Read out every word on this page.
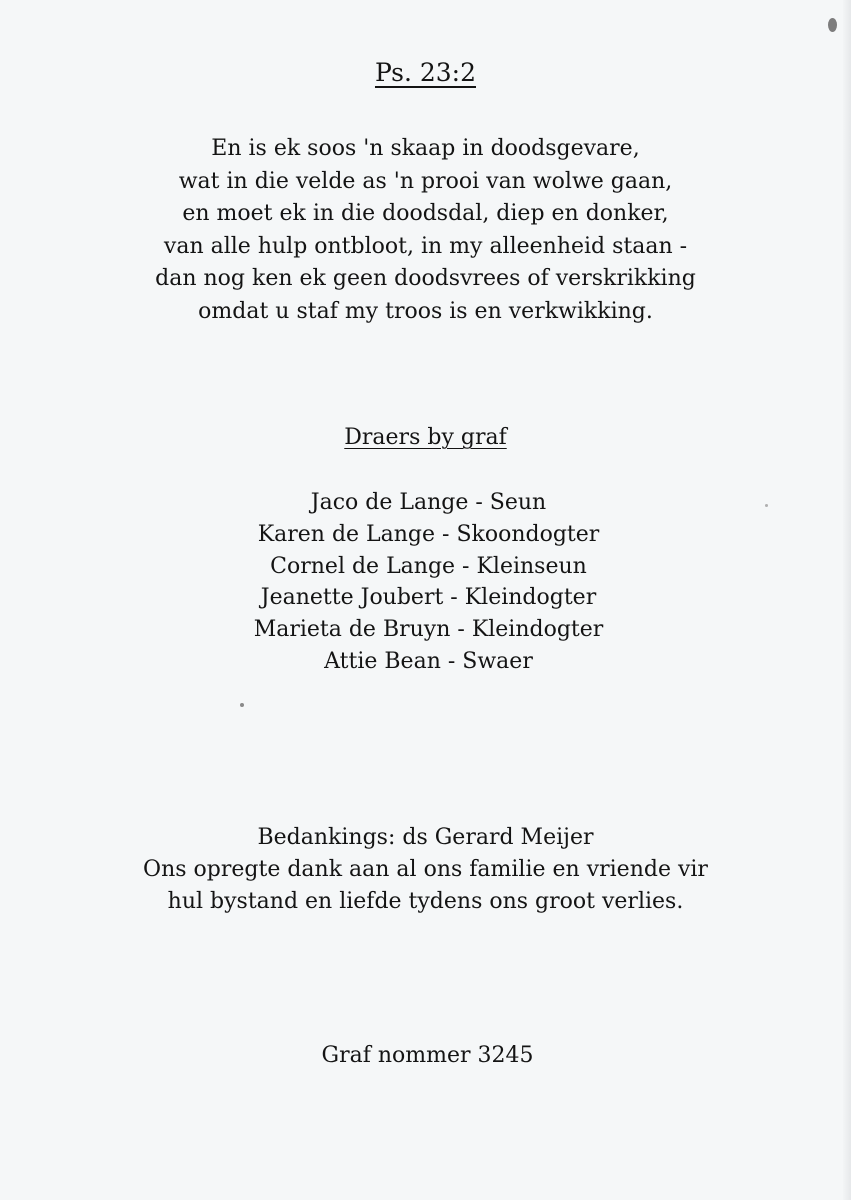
Ps. 23:2
En is ek soos 'n skaap in doodsgevare,
wat in die velde as 'n prooi van wolwe gaan,
en moet ek in die doodsdal, diep en donker,
van alle hulp ontbloot, in my alleenheid staan -
dan nog ken ek geen doodsvrees of verskrikking
omdat u staf my troos is en verkwikking.
Draers by graf
Jaco de Lange - Seun
Karen de Lange - Skoondogter
Cornel de Lange - Kleinseun
Jeanette Joubert - Kleindogter
Marieta de Bruyn - Kleindogter
Attie Bean - Swaer
Bedankings: ds Gerard Meijer
Ons opregte dank aan al ons familie en vriende vir
hul bystand en liefde tydens ons groot verlies.
Graf nommer 3245
